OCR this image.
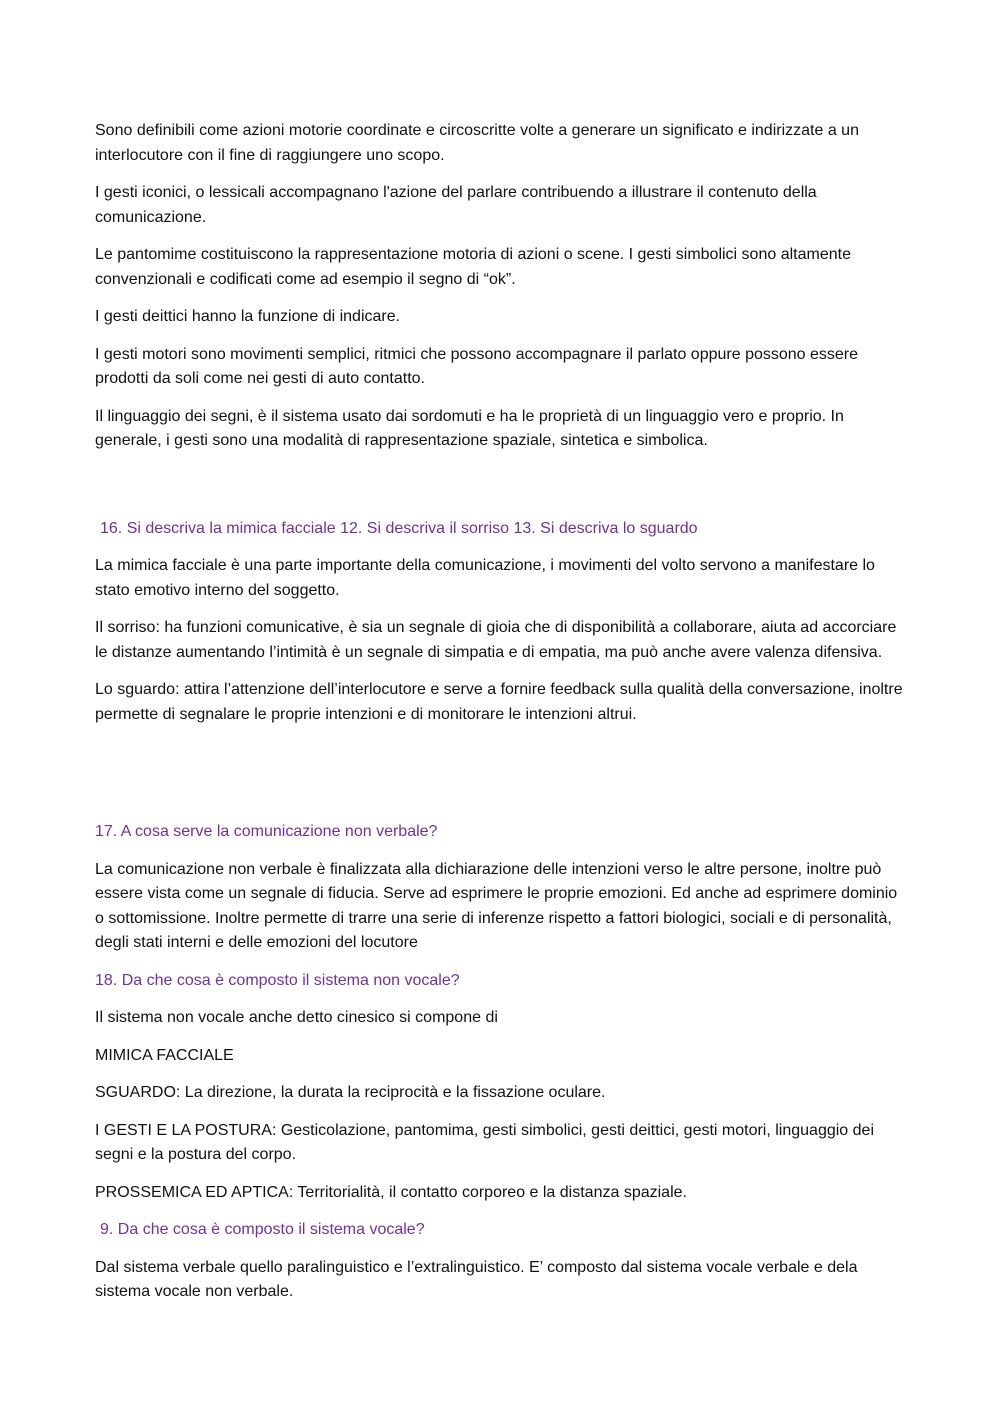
Sono definibili come azioni motorie coordinate e circoscritte volte a generare un significato e indirizzate a un interlocutore con il fine di raggiungere uno scopo.

I gesti iconici, o lessicali accompagnano l'azione del parlare contribuendo a illustrare il contenuto della comunicazione.

Le pantomime costituiscono la rappresentazione motoria di azioni o scene. I gesti simbolici sono altamente convenzionali e codificati come ad esempio il segno di “ok”.

I gesti deittici hanno la funzione di indicare.

I gesti motori sono movimenti semplici, ritmici che possono accompagnare il parlato oppure possono essere prodotti da soli come nei gesti di auto contatto.

Il linguaggio dei segni, è il sistema usato dai sordomuti e ha le proprietà di un linguaggio vero e proprio. In generale, i gesti sono una modalità di rappresentazione spaziale, sintetica e simbolica.

16. Si descriva la mimica facciale 12. Si descriva il sorriso 13. Si descriva lo sguardo

La mimica facciale è una parte importante della comunicazione, i movimenti del volto servono a manifestare lo stato emotivo interno del soggetto.

Il sorriso: ha funzioni comunicative, è sia un segnale di gioia che di disponibilità a collaborare, aiuta ad accorciare le distanze aumentando l’intimità è un segnale di simpatia e di empatia, ma può anche avere valenza difensiva.

Lo sguardo: attira l’attenzione dell’interlocutore e serve a fornire feedback sulla qualità della conversazione, inoltre permette di segnalare le proprie intenzioni e di monitorare le intenzioni altrui.

17. A cosa serve la comunicazione non verbale?

La comunicazione non verbale è finalizzata alla dichiarazione delle intenzioni verso le altre persone, inoltre può essere vista come un segnale di fiducia. Serve ad esprimere le proprie emozioni. Ed anche ad esprimere dominio o sottomissione. Inoltre permette di trarre una serie di inferenze rispetto a fattori biologici, sociali e di personalità, degli stati interni e delle emozioni del locutore

18. Da che cosa è composto il sistema non vocale?

Il sistema non vocale anche detto cinesico si compone di

MIMICA FACCIALE

SGUARDO: La direzione, la durata la reciprocità e la fissazione oculare.

I GESTI E LA POSTURA: Gesticolazione, pantomima, gesti simbolici, gesti deittici, gesti motori, linguaggio dei segni e la postura del corpo.

PROSSEMICA ED APTICA: Territorialità, il contatto corporeo e la distanza spaziale.

9. Da che cosa è composto il sistema vocale?

Dal sistema verbale quello paralinguistico e l’extralinguistico. E’ composto dal sistema vocale verbale e dela sistema vocale non verbale.
